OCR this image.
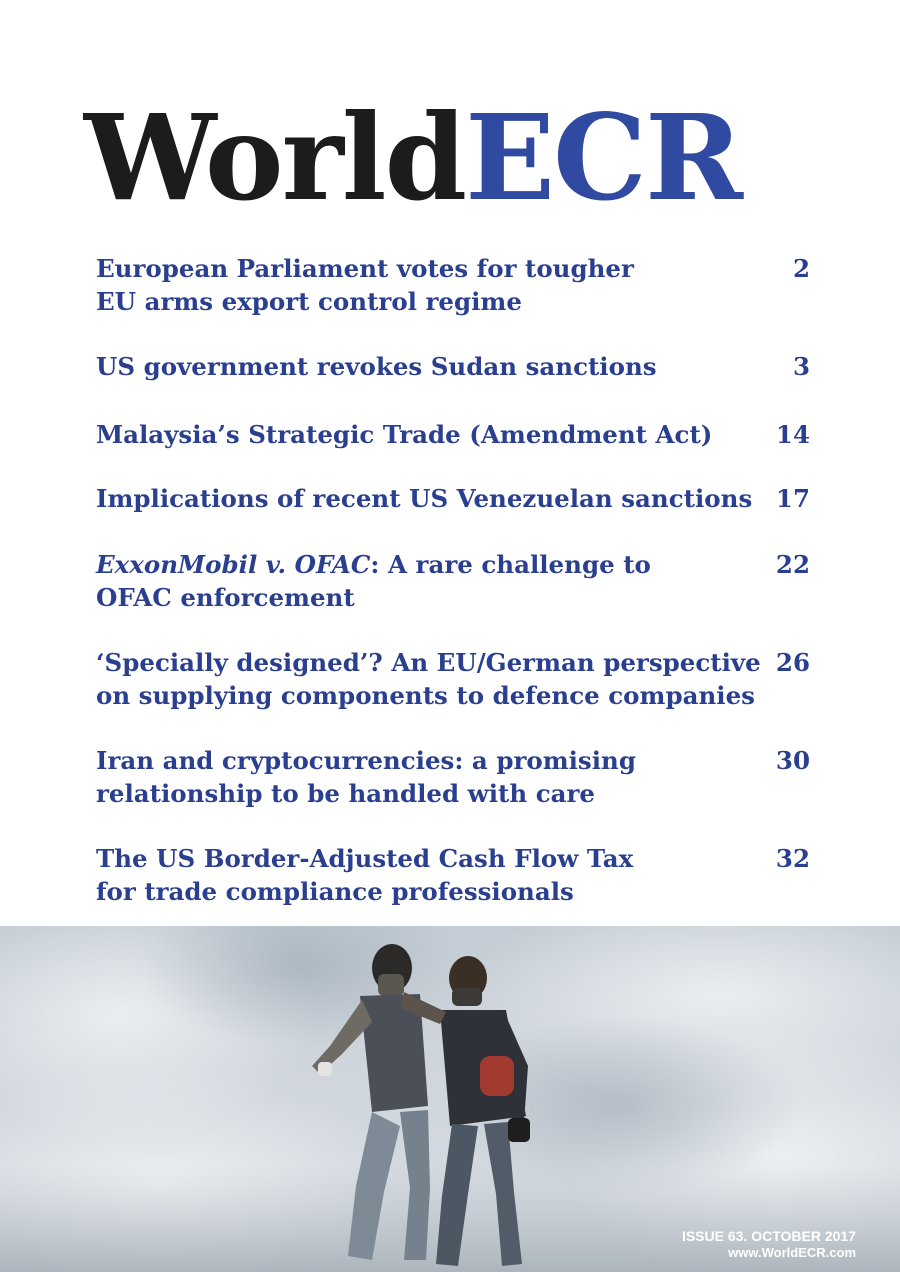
WorldECR
European Parliament votes for tougher
EU arms export control regime
2
US government revokes Sudan sanctions	3
Malaysia’s Strategic Trade (Amendment Act)	14
Implications of recent US Venezuelan sanctions 17
ExxonMobil v. OFAC: A rare challenge to
OFAC enforcement
22
‘Specially designed’? An EU/German perspective
on supplying components to defence companies
26
Iran and cryptocurrencies: a promising
relationship to be handled with care
30
The US Border-Adjusted Cash Flow Tax
for trade compliance professionals
32
ISSUE 63. OCTOBER 2017
www.WorldECR.com
